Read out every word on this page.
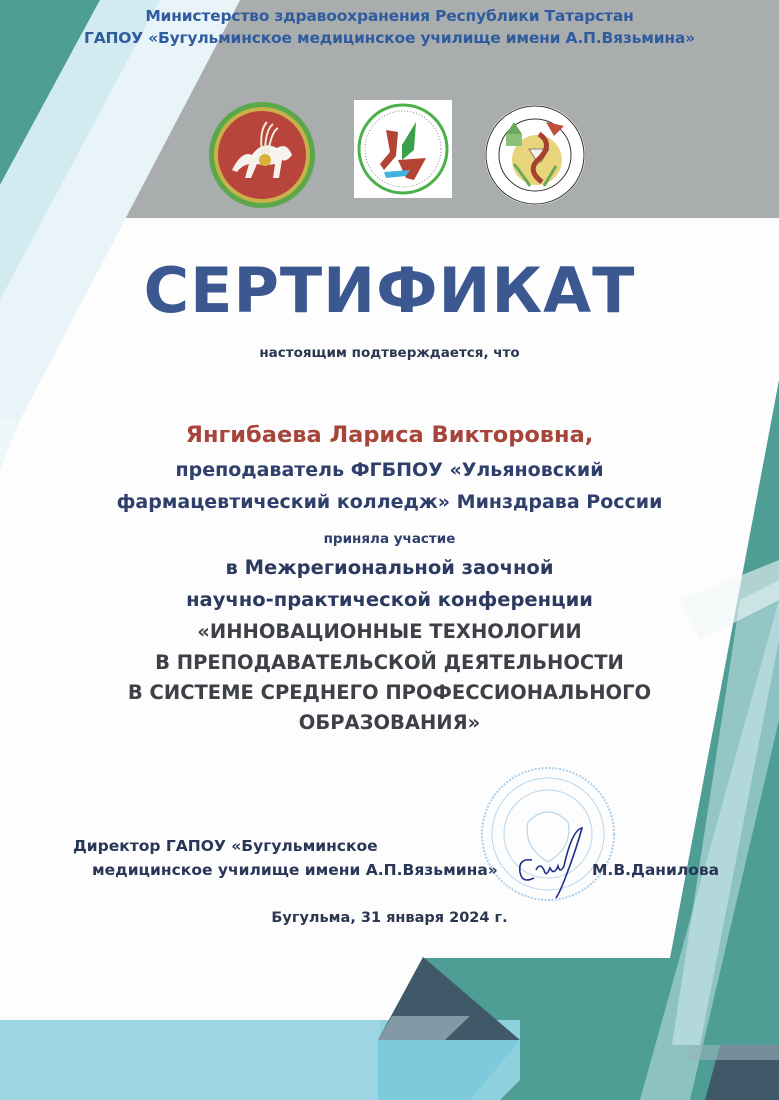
Министерство здравоохранения Республики Татарстан
ГАПОУ «Бугульминское медицинское училище имени А.П.Вязьмина»
СЕРТИФИКАТ
настоящим подтверждается, что
Янгибаева Лариса Викторовна,
преподаватель ФГБПОУ «Ульяновский
фармацевтический колледж» Минздрава России
приняла участие
в Межрегиональной заочной
научно-практической конференции
«ИННОВАЦИОННЫЕ ТЕХНОЛОГИИ
В ПРЕПОДАВАТЕЛЬСКОЙ ДЕЯТЕЛЬНОСТИ
В СИСТЕМЕ СРЕДНЕГО ПРОФЕССИОНАЛЬНОГО
ОБРАЗОВАНИЯ»
Директор ГАПОУ «Бугульминское
медицинское училище имени А.П.Вязьмина»	М.В.Данилова
Бугульма, 31 января 2024 г.
